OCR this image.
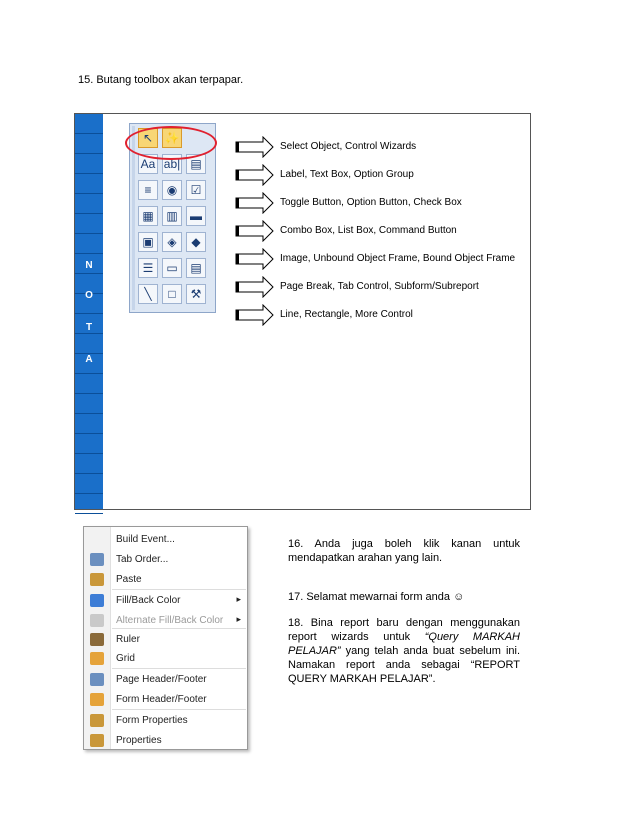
15. Butang toolbox akan terpapar.
N
O
T
A
↖ ✨
Aa ab| ▤
≡	◉	☑
▦	▥	▬
▣	◈	◆
☰	▭	▤
╲	□	⚒
Select Object, Control Wizards
Label, Text Box, Option Group
Toggle Button, Option Button, Check Box
Combo Box, List Box, Command Button
Image, Unbound Object Frame, Bound Object Frame
Page Break, Tab Control, Subform/Subreport
Line, Rectangle, More Control
Build Event...
Tab Order...
Paste
Fill/Back Color	▸
Alternate Fill/Back Color ▸
Ruler
Grid
Page Header/Footer
Form Header/Footer
Form Properties
Properties
16. Anda juga boleh klik kanan untuk mendapatkan arahan yang lain.
17. Selamat mewarnai form anda ☺
18. Bina report baru dengan menggunakan report wizards untuk “Query MARKAH PELAJAR” yang telah anda buat sebelum ini. Namakan report anda sebagai “REPORT QUERY MARKAH PELAJAR”.
